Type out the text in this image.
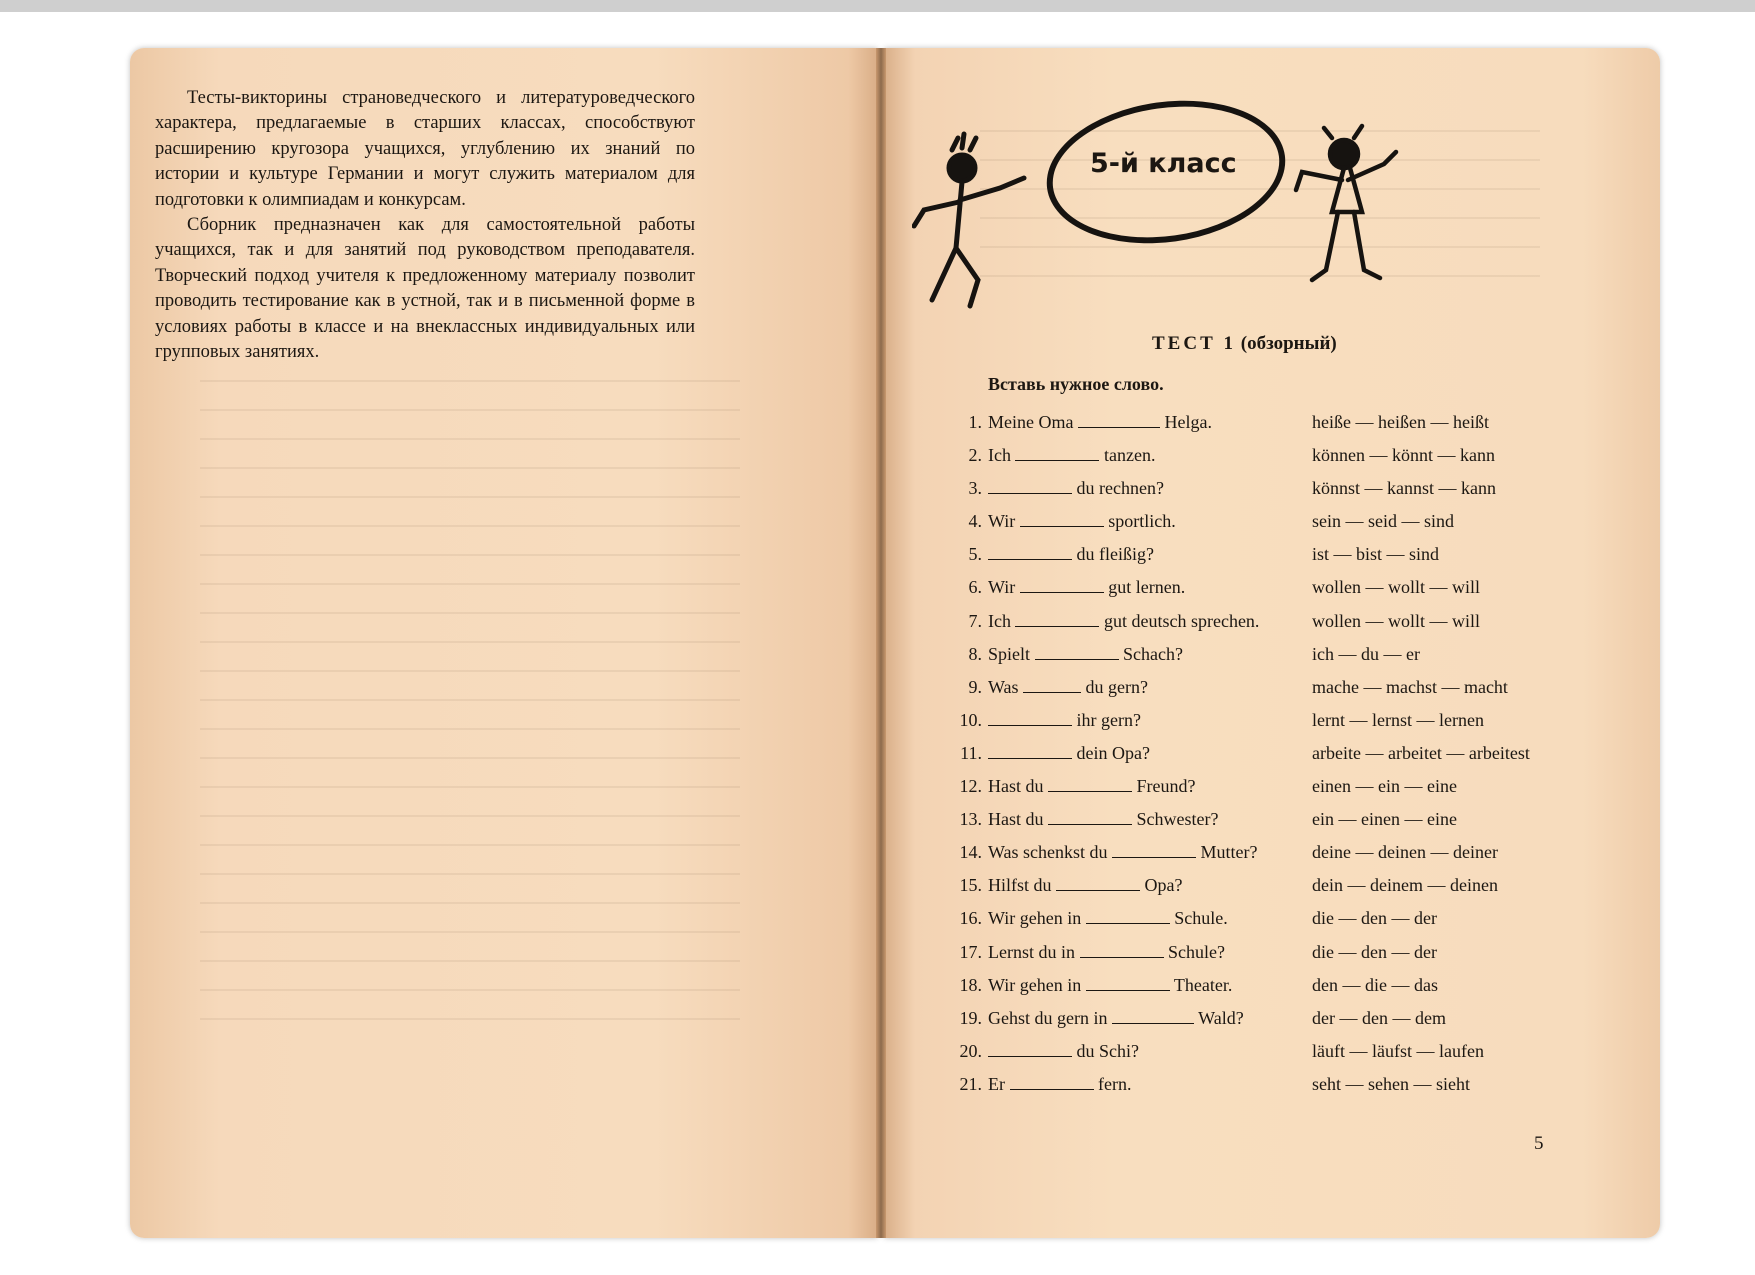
Тесты-викторины страноведческого и литературоведческого характера, предлагаемые в старших классах, способствуют расширению кругозора учащихся, углублению их знаний по истории и культуре Германии и могут служить материалом для подготовки к олимпиадам и конкурсам.

Сборник предназначен как для самостоятельной работы учащихся, так и для занятий под руководством преподавателя. Творческий подход учителя к предложенному материалу позволит проводить тестирование как в устной, так и в письменной форме в условиях работы в классе и на внеклассных индивидуальных или групповых занятиях.

5-й класс
ТЕСТ 1 (обзорный)
Вставь нужное слово.
1. Meine Oma	Helga.	heiße — heißen — heißt
2. Ich	tanzen.	können — könnt — kann
3.	du rechnen?	könnst — kannst — kann
4. Wir	sportlich.	sein — seid — sind
5.	du fleißig?	ist — bist — sind
6. Wir	gut lernen.	wollen — wollt — will
7. Ich	gut deutsch sprechen.	wollen — wollt — will
8. Spielt	Schach?	ich — du — er
9. Was	du gern?	mache — machst — macht
10.	ihr gern?	lernt — lernst — lernen
11.	dein Opa?	arbeite — arbeitet — arbeitest
12. Hast du	Freund?	einen — ein — eine
13. Hast du	Schwester?	ein — einen — eine
14. Was schenkst du	Mutter?	deine — deinen — deiner
15. Hilfst du	Opa?	dein — deinem — deinen
16. Wir gehen in	Schule.	die — den — der
17. Lernst du in	Schule?	die — den — der
18. Wir gehen in	Theater.	den — die — das
19. Gehst du gern in	Wald?	der — den — dem
20.	du Schi?	läuft — läufst — laufen
21. Er	fern.	seht — sehen — sieht
5
